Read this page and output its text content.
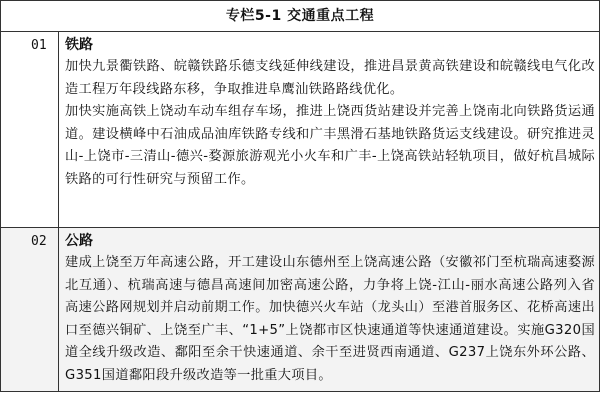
专栏5-1 交通重点工程	
01	铁路

加快九景衢铁路、皖赣铁路乐德支线延伸线建设，推进昌景黄高铁建设和皖赣线电气化改造工程万年段线路东移，争取推进阜鹰汕铁路路线优化。

加快实施高铁上饶动车动车组存车场，推进上饶西货站建设并完善上饶南北向铁路货运通道。建设横峰中石油成品油库铁路专线和广丰黑滑石基地铁路货运支线建设。研究推进灵山-上饶市-三清山-德兴-婺源旅游观光小火车和广丰-上饶高铁站轻轨项目，做好杭昌城际铁路的可行性研究与预留工作。

02	公路

建成上饶至万年高速公路，开工建设山东德州至上饶高速公路（安徽祁门至杭瑞高速婺源北互通）、杭瑞高速与德昌高速间加密高速公路，力争将上饶-江山-丽水高速公路列入省高速公路网规划并启动前期工作。加快德兴火车站（龙头山）至港首服务区、花桥高速出口至德兴铜矿、上饶至广丰、“1+5”上饶都市区快速通道等快速通道建设。实施G320国道全线升级改造、鄱阳至余干快速通道、余干至进贤西南通道、G237上饶东外环公路、G351国道鄱阳段升级改造等一批重大项目。
